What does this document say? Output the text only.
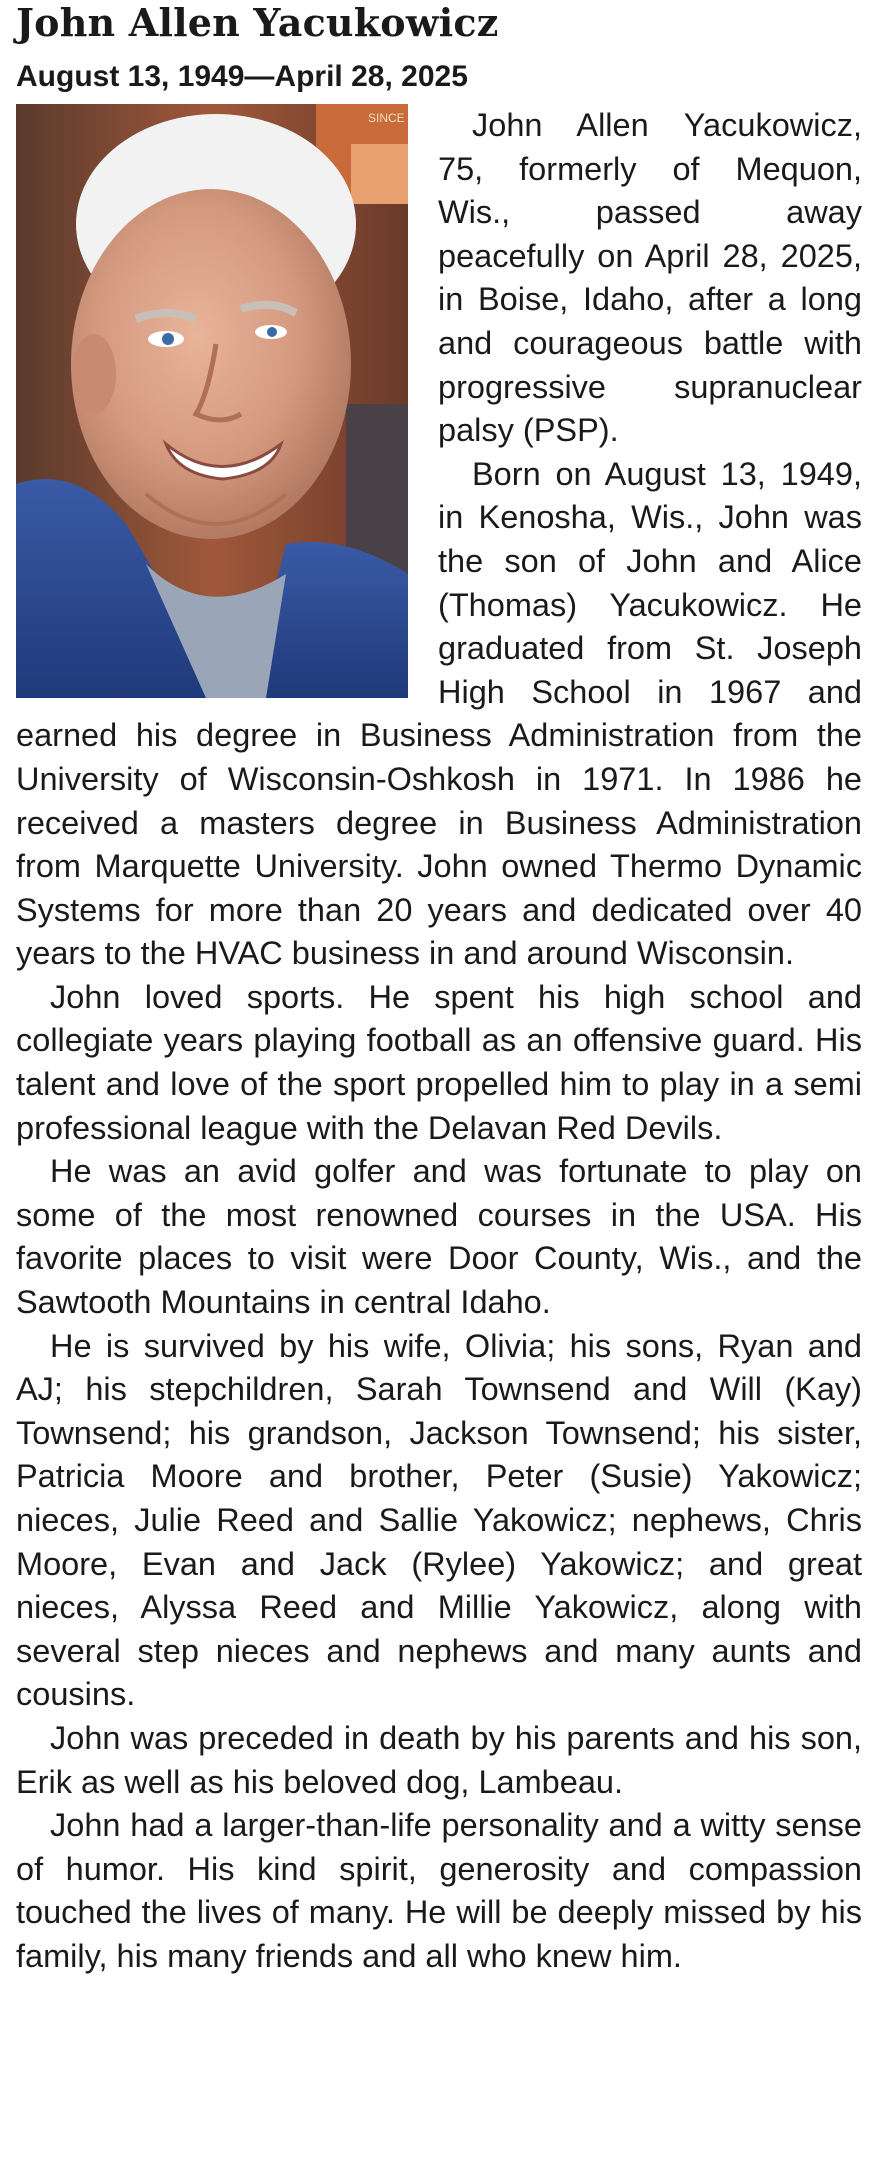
John Allen Yacukowicz
August 13, 1949—April 28, 2025
SINCE	John Allen Yacukowicz, 75, formerly of Mequon, Wis., passed away peacefully on April 28, 2025, in Boise, Idaho, after a long and courageous battle with progressive supranuclear palsy (PSP).

Born on August 13, 1949, in Kenosha, Wis., John was the son of John and Alice (Thomas) Yacukowicz. He graduated from St. Joseph High School in 1967 and earned his degree in Business Administration from the University of Wisconsin-Oshkosh in 1971. In 1986 he received a masters degree in Business Administration from Marquette University. John owned Thermo Dynamic Systems for more than 20 years and dedicated over 40 years to the HVAC business in and around Wisconsin.

John loved sports. He spent his high school and collegiate years playing football as an offensive guard. His talent and love of the sport propelled him to play in a semi professional league with the Delavan Red Devils.

He was an avid golfer and was fortunate to play on some of the most renowned courses in the USA. His favorite places to visit were Door County, Wis., and the Sawtooth Mountains in central Idaho.

He is survived by his wife, Olivia; his sons, Ryan and AJ; his stepchildren, Sarah Townsend and Will (Kay) Townsend; his grandson, Jackson Townsend; his sister, Patricia Moore and brother, Peter (Susie) Yakowicz; nieces, Julie Reed and Sallie Yakowicz; nephews, Chris Moore, Evan and Jack (Rylee) Yakowicz; and great nieces, Alyssa Reed and Millie Yakowicz, along with several step nieces and nephews and many aunts and cousins.

John was preceded in death by his parents and his son, Erik as well as his beloved dog, Lambeau.

John had a larger-than-life personality and a witty sense of humor. His kind spirit, generosity and compassion touched the lives of many. He will be deeply missed by his family, his many friends and all who knew him.
